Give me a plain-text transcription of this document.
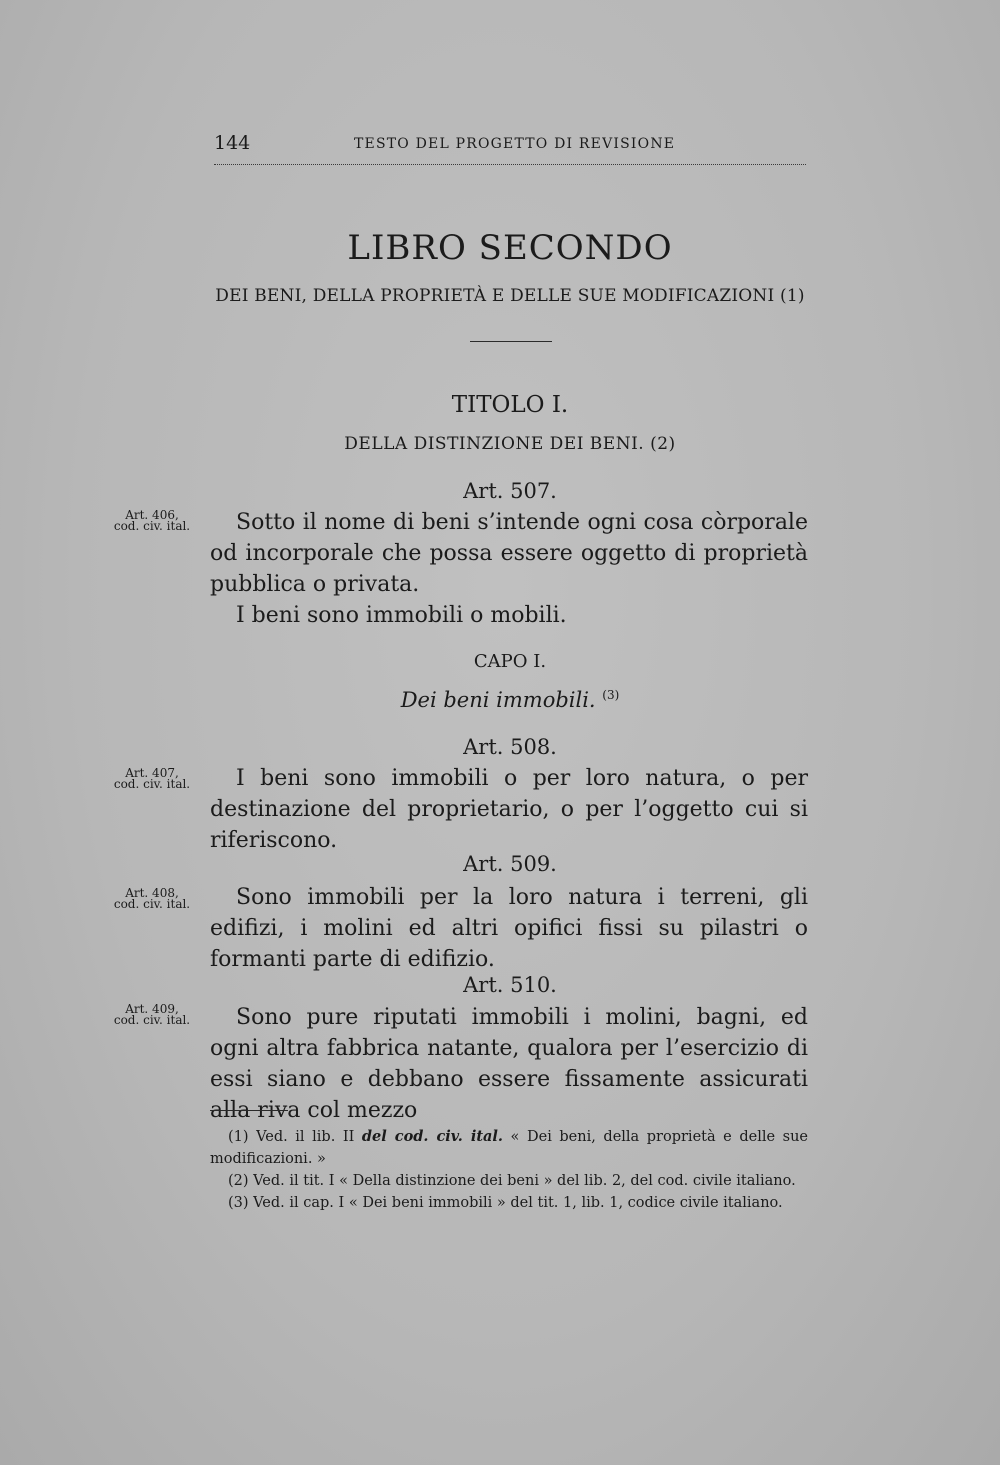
144	TESTO DEL PROGETTO DI REVISIONE
LIBRO SECONDO
DEI BENI, DELLA PROPRIETÀ E DELLE SUE MODIFICAZIONI (1)
TITOLO I.
DELLA DISTINZIONE DEI BENI. (2)
Art. 507.
Art. 406,
cod. civ. ital.	Sotto il nome di beni s’intende ogni cosa còrporale od incorporale che possa essere oggetto di proprietà pubblica o privata.
I beni sono immobili o mobili.
CAPO I.
Dei beni immobili. $^{(3)}$
Art. 508.
Art. 407,
cod. civ. ital.	I beni sono immobili o per loro natura, o per destinazione del proprietario, o per l’oggetto cui si riferiscono.
Art. 509.
Art. 408,
cod. civ. ital.	Sono immobili per la loro natura i terreni, gli edifizi, i molini ed altri opifici fissi su pilastri o formanti parte di edifizio.
Art. 510.
Art. 409,
cod. civ. ital.	Sono pure riputati immobili i molini, bagni, ed ogni altra fabbrica natante, qualora per l’esercizio di essi siano e debbano essere fissamente assicurati alla riva col mezzo

(1) Ved. il lib. II del cod. civ. ital. « Dei beni, della proprietà e delle sue modificazioni. »

(2) Ved. il tit. I « Della distinzione dei beni » del lib. 2, del cod. civile italiano.

(3) Ved. il cap. I « Dei beni immobili » del tit. 1, lib. 1, codice civile italiano.
